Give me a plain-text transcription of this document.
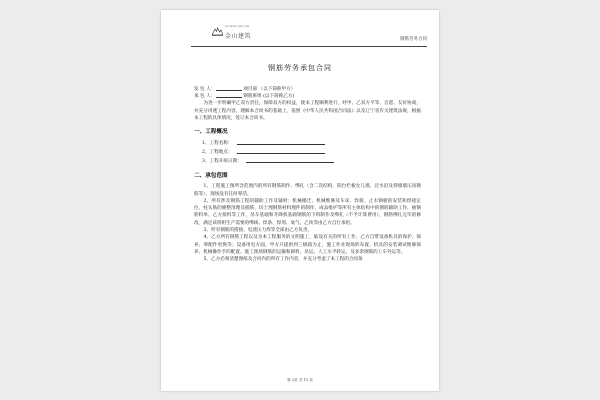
Jin Shan Jian Cai
金山建筑	钢筋劳务合同
钢筋劳务承包合同
发 包 人：	项目部 （以下简称甲方）
承 包 人：	钢筋班组 (以下简称乙方)

为进一步明确甲乙双方责任，保障双方的权益，使本工程顺利进行，经甲、乙双方平等、自愿、友好协商，并充分讲透工程内容，理解本合同书的基础上，依照《中华人民共和国合同法》以及辽宁省有关建筑法规，根据本工程的具体情况，签订本合同书。

一、工程概况
1、工程名称：
2、工程地点：
3、工程开竣日期：
二、承包范围

1、工程施工图所含范围内的所有钢筋制作、绑扎（含二次结构、阳台栏板女儿墙、泛水沿及抑墙墙压顶钢筋等），现场没有任何零活。

2、所有涉及钢筋工程的辅助工作及辅材：机械搬迁，机械维修及车床、焊接、止水钢板的安装和焊接定位，柱头筋的修整清理及插筋，切土埋钢筋材料埋件的制作，成品维护等所有主体结构中的钢筋辅助工作，抽钢筋料单、乙方接料等工作，吊车基础和升降机基础钢筋的下料制作及绑扎（不予计算费用），钢筋绑扎完毕的修改，满足该班组生产需要的绑线、焊条、焊剂、氧气、乙炔等由乙方自行承担。

3、所有钢筋的搭接、电渣压力焊等全部由乙方负责。

4、乙方所有钢筋工程以及为本工程服务的文明施工，临设有关的所有工作，乙方自带设备机具的保护、保养、零配件更换等；设备用电方面，甲方只提供到三级箱为止，施工作业现场的布置、机具的安装调试维修保养、机械操作手的配置、施工现场钢筋的运输和卸料，吊运、人工水平转运，及多余钢筋的上车外运等。

5、乙方必须清楚图纸及合同内的所有工作内容，并充分考虑了本工程的合同条

第 2页 共 11 页
